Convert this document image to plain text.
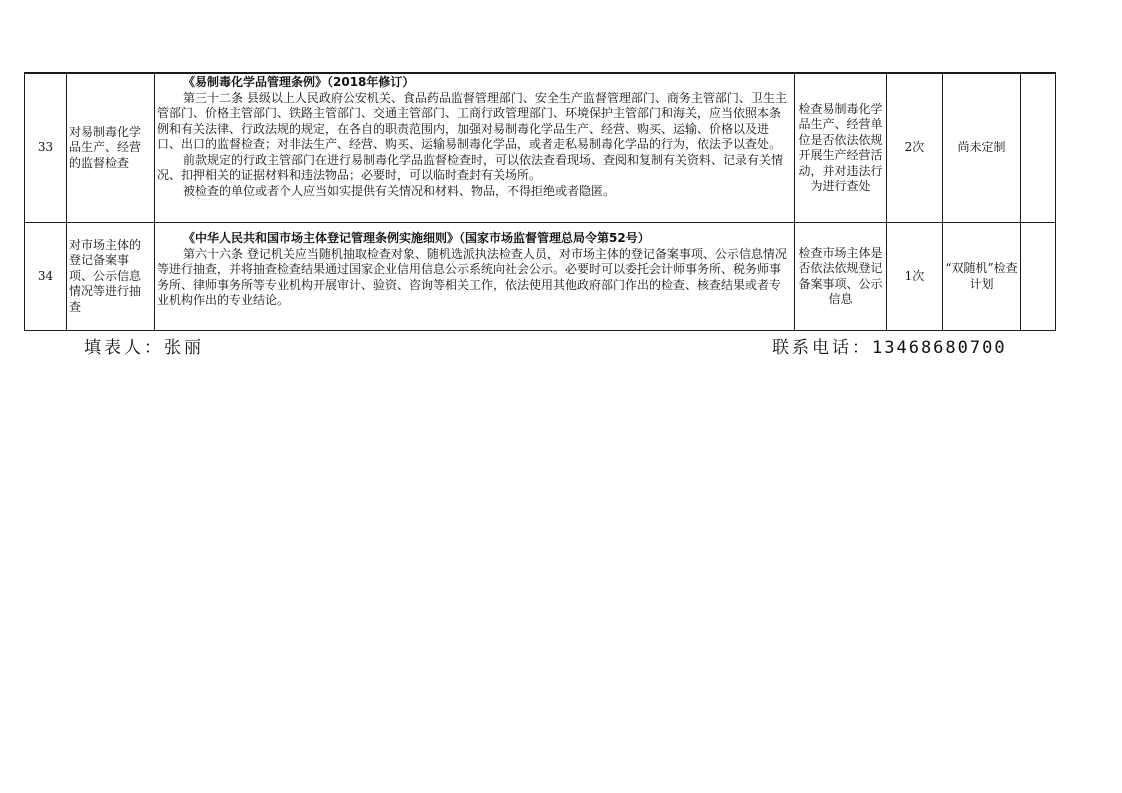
33	对易制毒化学品生产、经营的监督检查	《易制毒化学品管理条例》（2018年修订）

第三十二条 县级以上人民政府公安机关、食品药品监督管理部门、安全生产监督管理部门、商务主管部门、卫生主管部门、价格主管部门、铁路主管部门、交通主管部门、工商行政管理部门、环境保护主管部门和海关，应当依照本条例和有关法律、行政法规的规定，在各自的职责范围内，加强对易制毒化学品生产、经营、购买、运输、价格以及进口、出口的监督检查；对非法生产、经营、购买、运输易制毒化学品，或者走私易制毒化学品的行为，依法予以查处。

前款规定的行政主管部门在进行易制毒化学品监督检查时，可以依法查看现场、查阅和复制有关资料、记录有关情况、扣押相关的证据材料和违法物品；必要时，可以临时查封有关场所。

被检查的单位或者个人应当如实提供有关情况和材料、物品，不得拒绝或者隐匿。	检查易制毒化学品生产、经营单位是否依法依规开展生产经营活动，并对违法行为进行查处	2次	尚未定制	
34	对市场主体的登记备案事项、公示信息情况等进行抽查	《中华人民共和国市场主体登记管理条例实施细则》（国家市场监督管理总局令第52号）

第六十六条 登记机关应当随机抽取检查对象、随机选派执法检查人员，对市场主体的登记备案事项、公示信息情况等进行抽查，并将抽查检查结果通过国家企业信用信息公示系统向社会公示。必要时可以委托会计师事务所、税务师事务所、律师事务所等专业机构开展审计、验资、咨询等相关工作，依法使用其他政府部门作出的检查、核查结果或者专业机构作出的专业结论。	检查市场主体是否依法依规登记备案事项、公示信息	1次	“双随机”检查计划	
填表人：张丽	联系电话：13468680700
